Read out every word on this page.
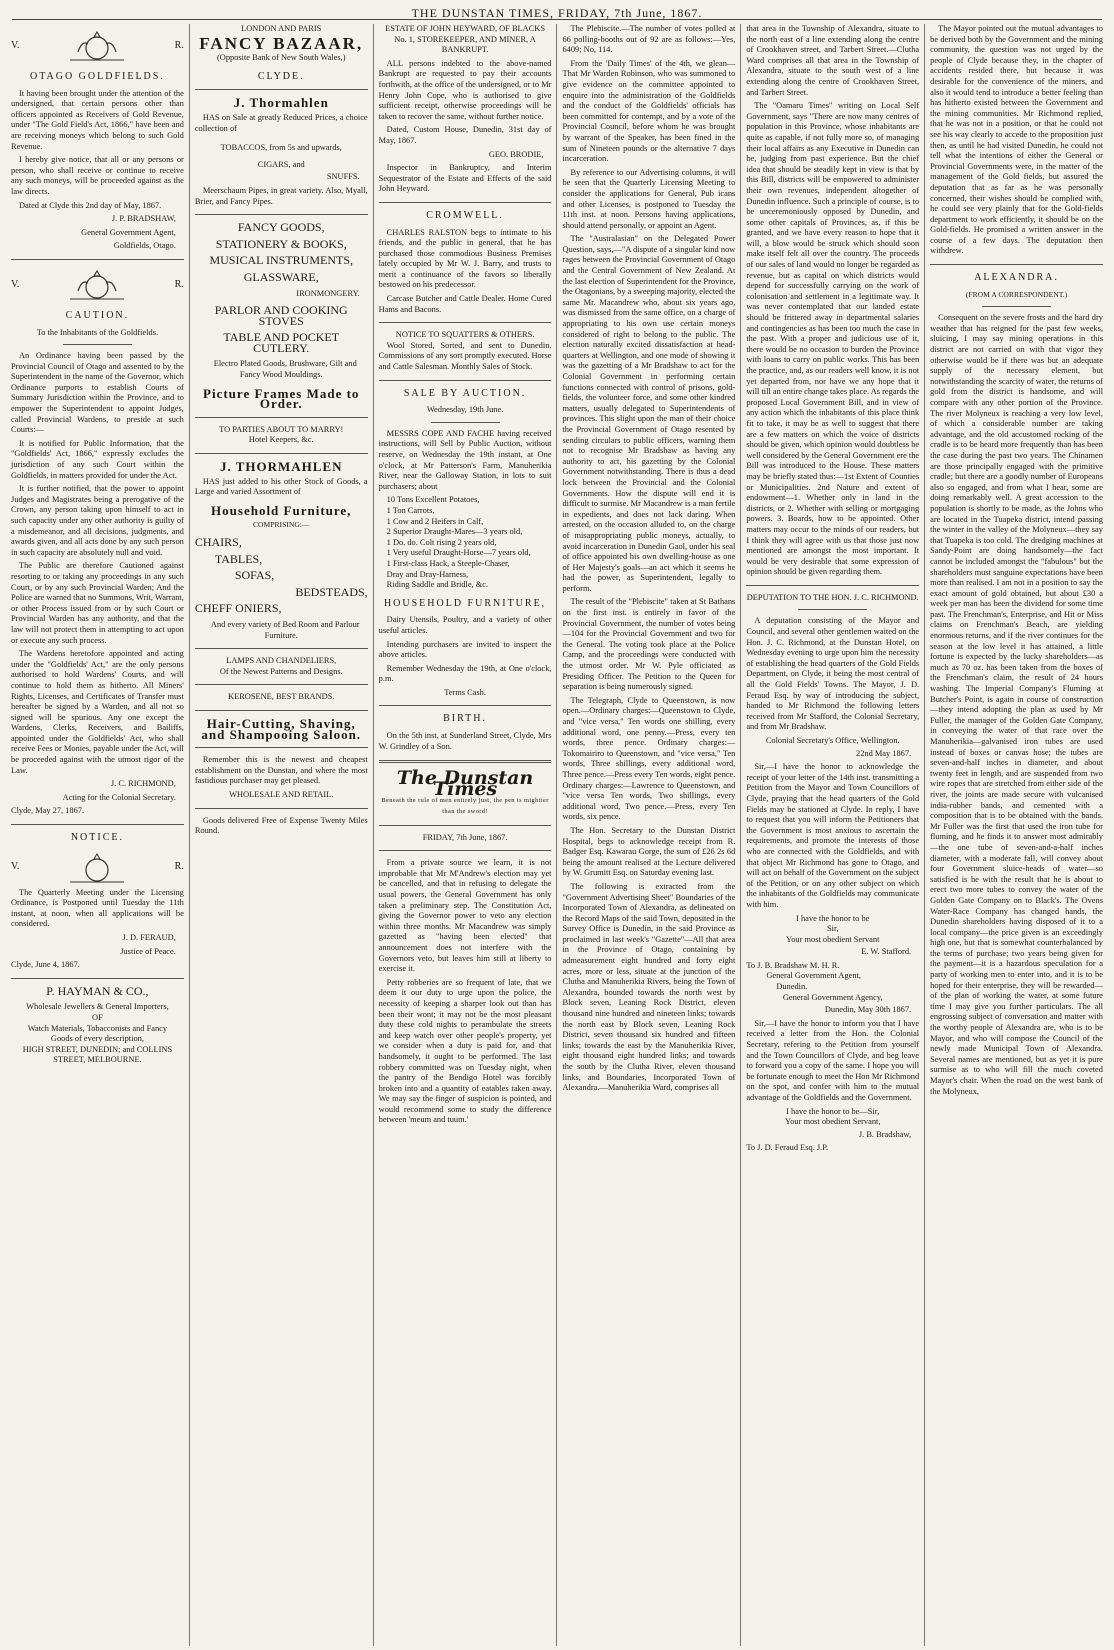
THE DUNSTAN TIMES, FRIDAY, 7th June, 1867.
V.	R.
OTAGO GOLDFIELDS.

It having been brought under the attention of the undersigned, that certain persons other than officers appointed as Receivers of Gold Revenue, under "The Gold Field's Act, 1866," have been and are receiving moneys which belong to such Gold Revenue.

I hereby give notice, that all or any persons or person, who shall receive or continue to receive any such moneys, will be proceeded against as the law directs.

Dated at Clyde this 2nd day of May, 1867.

J. P. BRADSHAW,
General Government Agent,
Goldfields, Otago.
V.	R.
CAUTION.
To the Inhabitants of the Goldfields.

An Ordinance having been passed by the Provincial Council of Otago and assented to by the Superintendent in the name of the Governor, which Ordinance purports to establish Courts of Summary Jurisdiction within the Province, and to empower the Superintendent to appoint Judges, called Provincial Wardens, to preside at such Courts:—

It is notified for Public Information, that the "Goldfields' Act, 1866," expressly excludes the jurisdiction of any such Court within the Goldfields, in matters provided for under the Act.

It is further notified, that the power to appoint Judges and Magistrates being a prerogative of the Crown, any person taking upon himself to act in such capacity under any other authority is guilty of a misdemeanor, and all decisions, judgments, and awards given, and all acts done by any such person in such capacity are absolutely null and void.

The Public are therefore Cautioned against resorting to or taking any proceedings in any such Court, or by any such Provincial Warden; And the Police are warned that no Summons, Writ, Warrant, or other Process issued from or by such Court or Provincial Warden has any authority, and that the law will not protect them in attempting to act upon or execute any such process.

The Wardens heretofore appointed and acting under the "Goldfields' Act," are the only persons authorised to hold Wardens' Courts, and will continue to hold them as hitherto. All Miners' Rights, Licenses, and Certificates of Transfer must hereafter be signed by a Warden, and all not so signed will be spurious. Any one except the Wardens, Clerks, Receivers, and Bailiffs, appointed under the Goldfields' Act, who shall receive Fees or Monies, payable under the Act, will be proceeded against with the utmost rigor of the Law.

J. C. RICHMOND,
Acting for the Colonial Secretary.

Clyde, May 27, 1867.

NOTICE.
V.	R.

The Quarterly Meeting under the Licensing Ordinance, is Postponed until Tuesday the 11th instant, at noon, when all applications will be considered.

J. D. FERAUD,
Justice of Peace.

Clyde, June 4, 1867.

P. HAYMAN & CO.,
Wholesale Jewellers & General Importers,
OF
Watch Materials, Tobacconists and Fancy
Goods of every description,
HIGH STREET, DUNEDIN; and COLLINS
STREET, MELBOURNE.
LONDON AND PARIS
FANCY BAZAAR,
(Opposite Bank of New South Wales,)
CLYDE.
J. Thormahlen

HAS on Sale at greatly Reduced Prices, a choice collection of

TOBACCOS, from 5s and upwards,
CIGARS, and
SNUFFS.

Meerschaum Pipes, in great variety. Also, Myall, Brier, and Fancy Pipes.

FANCY GOODS,
STATIONERY & BOOKS,
MUSICAL INSTRUMENTS,
GLASSWARE,
IRONMONGERY.
PARLOR AND COOKING STOVES
TABLE AND POCKET CUTLERY.

Electro Plated Goods, Brushware, Gilt and Fancy Wood Mouldings.

Picture Frames Made to Order.
TO PARTIES ABOUT TO MARRY!
Hotel Keepers, &c.
J. THORMAHLEN

HAS just added to his other Stock of Goods, a Large and varied Assortment of

Household Furniture,
COMPRISING:—
CHAIRS,
TABLES,
SOFAS,
BEDSTEADS,
CHEFF ONIERS,

And every variety of Bed Room and Parlour Furniture.

LAMPS AND CHANDELIERS,
Of the Newest Patterns and Designs.
KEROSENE, BEST BRANDS.
Hair-Cutting, Shaving, and Shampooing Saloon.

Remember this is the newest and cheapest establishment on the Dunstan, and where the most fastidious purchaser may get pleased.

WHOLESALE AND RETAIL.

Goods delivered Free of Expense Twenty Miles Round.

ESTATE OF JOHN HEYWARD, OF BLACKS No. 1, STOREKEEPER, AND MINER, A BANKRUPT.

ALL persons indebted to the above-named Bankrupt are requested to pay their accounts forthwith, at the office of the undersigned, or to Mr Henry John Cope, who is authorised to give sufficient receipt, otherwise proceedings will be taken to recover the same, without further notice.

Dated, Custom House, Dunedin, 31st day of May, 1867.

GEO. BRODIE,

Inspector in Bankruptcy, and Interim Sequestrator of the Estate and Effects of the said John Heyward.

CROMWELL.

CHARLES RALSTON begs to intimate to his friends, and the public in general, that he has purchased those commodious Business Premises lately occupied by Mr W. J. Barry, and trusts to merit a continuance of the favors so liberally bestowed on his predecessor.

Carcase Butcher and Cattle Dealer. Home Cured Hams and Bacons.

NOTICE TO SQUATTERS & OTHERS.

Wool Stored, Sorted, and sent to Dunedin. Commissions of any sort promptly executed. Horse and Cattle Salesman. Monthly Sales of Stock.

SALE BY AUCTION.
Wednesday, 19th June.

MESSRS COPE AND FACHE having received instructions, will Sell by Public Auction, without reserve, on Wednesday the 19th instant, at One o'clock, at Mr Patterson's Farm, Manuherikia River, near the Galloway Station, in lots to suit purchasers; about

10 Tons Excellent Potatoes,
1 Ton Carrots,
1 Cow and 2 Heifers in Calf,
2 Superior Draught-Mares—3 years old,
1 Do. do. Colt rising 2 years old,
1 Very useful Draught-Horse—7 years old,
1 First-class Hack, a Steeple-Chaser,
Dray and Dray-Harness,
Riding Saddle and Bridle, &c.
HOUSEHOLD FURNITURE,

Dairy Utensils, Poultry, and a variety of other useful articles.

Intending purchasers are invited to inspect the above articles.

Remember Wednesday the 19th, at One o'clock, p.m.

Terms Cash.
BIRTH.

On the 5th inst, at Sunderland Street, Clyde, Mrs W. Grindley of a Son.

The Dunstan Times
Beneath the rule of men entirely just, the pen is mightier than the sword!
FRIDAY, 7th June, 1867.

From a private source we learn, it is not improbable that Mr M'Andrew's election may yet be cancelled, and that in refusing to delegate the usual powers, the General Government has only taken a preliminary step. The Constitution Act, giving the Governor power to veto any election within three months. Mr Macandrew was simply gazetted as "having been elected" that announcement does not interfere with the Governors veto, but leaves him still at liberty to exercise it.

Petty robberies are so frequent of late, that we deem it our duty to urge upon the police, the necessity of keeping a sharper look out than has been their wont; it may not be the most pleasant duty these cold nights to perambulate the streets and keep watch over other people's property, yet we consider when a duty is paid for, and that handsomely, it ought to be performed. The last robbery committed was on Tuesday night, when the pantry of the Bendigo Hotel was forcibly broken into and a quantity of eatables taken away. We may say the finger of suspicion is pointed, and would recommend some to study the difference between 'meum and tuum.'

The Plebiscite.—The number of votes polled at 66 polling-booths out of 92 are as follows:—Yes, 6409; No, 114.

From the 'Daily Times' of the 4th, we glean—That Mr Warden Robinson, who was summoned to give evidence on the committee appointed to enquire into the administration of the Goldfields and the conduct of the Goldfields' officials has been committed for contempt, and by a vote of the Provincial Council, before whom he was brought by warrant of the Speaker, has been fined in the sum of Nineteen pounds or the alternative 7 days incarceration.

By reference to our Advertising columns, it will be seen that the Quarterly Licensing Meeting to consider the applications for General, Pub icans and other Licenses, is postponed to Tuesday the 11th inst. at noon. Persons having applications, should attend personally, or appoint an Agent.

The "Australasian" on the Delegated Power Question, says,—"A dispute of a singular kind now rages between the Provincial Government of Otago and the Central Government of New Zealand. At the last election of Superintendent for the Province, the Otagonians, by a sweeping majority, elected the same Mr. Macandrew who, about six years ago, was dismissed from the same office, on a charge of appropriating to his own use certain moneys considered of right to belong to the public. The election naturally excited dissatisfaction at head-quarters at Wellington, and one mode of showing it was the gazetting of a Mr Bradshaw to act for the Colonial Government in performing certain functions connected with control of prisons, gold-fields, the volunteer force, and some other kindred matters, usually delegated to Superintendents of provinces. This slight upon the man of their choice the Provincial Government of Otago resented by sending circulars to public officers, warning them not to recognise Mr Bradshaw as having any authority to act, his gazetting by the Colonial Government notwithstanding. There is thus a dead lock between the Provincial and the Colonial Governments. How the dispute will end it is difficult to surmise. Mr Macandrew is a man fertile in expedients, and does not lack daring. When arrested, on the occasion alluded to, on the charge of misappropriating public moneys, actually, to avoid incarceration in Dunedin Gaol, under his seal of office appointed his own dwelling-house as one of Her Majesty's goals—an act which it seems he had the power, as Superintendent, legally to perform.

The result of the "Plebiscite" taken at St Bathans on the first inst. is entirely in favor of the Provincial Government, the number of votes being—104 for the Provincial Government and two for the General. The voting took place at the Police Camp, and the proceedings were conducted with the utmost order. Mr W. Pyle officiated as Presiding Officer. The Petition to the Queen for separation is being numerously signed.

The Telegraph, Clyde to Queenstown, is now open.—Ordinary charges:—Queenstown to Clyde, and "vice versa," Ten words one shilling, every additional word, one penny.—Press, every ten words, three pence. Ordinary charges:—Tokomairiro to Queenstown, and "vice versa," Ten words, Three shillings, every additional word, Three pence.—Press every Ten words, eight pence. Ordinary charges:—Lawrence to Queenstown, and "vice versa Ten words, Two shillings, every additional word, Two pence.—Press, every Ten words, six pence.

The Hon. Secretary to the Dunstan District Hospital, begs to acknowledge receipt from R. Badger Esq. Kawarau Gorge, the sum of £26 2s 6d being the amount realised at the Lecture delivered by W. Grumitt Esq. on Saturday evening last.

The following is extracted from the "Government Advertising Sheet" Boundaries of the Incorporated Town of Alexandra, as delineated on the Record Maps of the said Town, deposited in the Survey Office is Dunedin, in the said Province as proclaimed in last week's "Gazette"—All that area in the Province of Otago, containing by admeasurement eight hundred and forty eight acres, more or less, situate at the junction of the Clutha and Manuherikia Rivers, being the Town of Alexandra, bounded towards the north west by Block seven, Leaning Rock District, eleven thousand nine hundred and nineteen links; towards the north east by Block seven, Leaning Rock District, seven thousand six hundred and fifteen links; towards the east by the Manuherikia River, eight thousand eight hundred links; and towards the south by the Clutha River, eleven thousand links, and Boundaries, Incorporated Town of Alexandra.—Manuherikia Ward, comprises all

that area in the Township of Alexandra, situate to the north east of a line extending along the centre of Crookhaven street, and Tarbert Street.—Clutha Ward comprises all that area in the Township of Alexandra, situate to the south west of a line extending along the centre of Crookhaven Street, and Tarbert Street.

The "Oamaru Times" writing on Local Self Government, says "There are now many centres of population in this Province, whose inhabitants are quite as capable, if not fully more so, of managing their local affairs as any Executive in Dunedin can be, judging from past experience. But the chief idea that should be steadily kept in view is that by this Bill, districts will be empowered to administer their own revenues, independent altogether of Dunedin influence. Such a principle of course, is to be unceremoniously opposed by Dunedin, and some other capitals of Provinces, as, if this be granted, and we have every reason to hope that it will, a blow would be struck which should soon make itself felt all over the country. The proceeds of our sales of land would no longer be regarded as revenue, but as capital on which districts would depend for successfully carrying on the work of colonisation and settlement in a legitimate way. It was never contemplated that our landed estate should be frittered away in departmental salaries and contingencies as has been too much the case in the past. With a proper and judicious use of it, there would be no occasion to burden the Province with loans to carry on public works. This has been the practice, and, as our readers well know, it is not yet departed from, nor have we any hope that it will till an entire change takes place. As regards the proposed Local Government Bill, and in view of any action which the inhabitants of this place think fit to take, it may be as well to suggest that there are a few matters on which the voice of districts should be given, which opinion would doubtless be well considered by the General Government ere the Bill was introduced to the House. These matters may be briefly stated thus:—1st Extent of Counties or Municipalities. 2nd Nature and extent of endowment—1. Whether only in land in the districts, or 2. Whether with selling or mortgaging powers. 3. Boards, how to be appointed. Other matters may occur to the minds of our readers, but I think they will agree with us that those just now mentioned are amongst the most important. It would be very desirable that some expression of opinion should be given regarding them.

DEPUTATION TO THE HON. J. C. RICHMOND.

A deputation consisting of the Mayor and Council, and several other gentlemen waited on the Hon. J. C. Richmond, at the Dunstan Hotel, on Wednesday evening to urge upon him the necessity of establishing the head quarters of the Gold Fields Department, on Clyde, it being the most central of all the Gold Fields' Towns. The Mayor, J. D. Feraud Esq. by way of introducing the subject, handed to Mr Richmond the following letters received from Mr Stafford, the Colonial Secretary, and from Mr Bradshaw.

Colonial Secretary's Office, Wellington.
22nd May 1867.

Sir,—I have the honor to acknowledge the receipt of your letter of the 14th inst. transmitting a Petition from the Mayor and Town Councillors of Clyde, praying that the head quarters of the Gold Fields may be stationed at Clyde. In reply, I have to request that you will inform the Petitioners that the Government is most anxious to ascertain the requirements, and promote the interests of those who are connected with the Goldfields, and with that object Mr Richmond has gone to Otago, and will act on behalf of the Government on the subject of the Petition, or on any other subject on which the inhabitants of the Goldfields may communicate with him.

I have the honor to be
Sir,
Your most obedient Servant
E. W. Stafford.
To J. B. Bradshaw M. H. R.
General Government Agent,
Dunedin.
General Government Agency,
Dunedin, May 30th 1867.

Sir,—I have the honor to inform you that I have received a letter from the Hon. the Colonial Secretary, refering to the Petition from yourself and the Town Councillors of Clyde, and beg leave to forward you a copy of the same. I hope you will be fortunate enough to meet the Hon Mr Richmond on the spot, and confer with him to the mutual advantage of the Goldfields and the Government.

I have the honor to be—Sir,
Your most obedient Servant,
J. B. Bradshaw,
To J. D. Feraud Esq. J.P.

The Mayor pointed out the mutual advantages to be derived both by the Government and the mining community, the question was not urged by the people of Clyde because they, in the chapter of accidents resided there, but because it was desirable for the convenience of the miners, and also it would tend to introduce a better feeling than has hitherto existed between the Government and the mining communities. Mr Richmond replied, that he was not in a position, or that he could not see his way clearly to accede to the proposition just then, as until he had visited Dunedin, he could not tell what the intentions of either the General or Provincial Governments were, in the matter of the management of the Gold fields, but assured the deputation that as far as he was personally concerned, their wishes should be complied with, he could see very plainly that for the Gold-fields department to work efficiently, it should be on the Gold-fields. He promised a written answer in the course of a few days. The deputation then withdrew.

ALEXANDRA.
(FROM A CORRESPONDENT.)

Consequent on the severe frosts and the hard dry weather that has reigned for the past few weeks, sluicing, I may say mining operations in this district are not carried on with that vigor they otherwise would be if there was but an adequate supply of the necessary element, but notwithstanding the scarcity of water, the returns of gold from the district is handsome, and will compare with any other portion of the Province. The river Molyneux is reaching a very low level, of which a considerable number are taking advantage, and the old accustomed rocking of the cradle is to be heard more frequently than has been the case during the past two years. The Chinamen are those principally engaged with the primitive cradle; but there are a goodly number of Europeans also so engaged, and from what I hear, some are doing remarkably well. A great accession to the population is shortly to be made, as the Johns who are located in the Tuapeka district, intend passing the winter in the valley of the Molyneux—they say that Tuapeka is too cold. The dredging machines at Sandy-Point are doing handsomely—the fact cannot be included amongst the "fabulous" but the shareholders must sanguine expectations have been more than realised. I am not in a position to say the exact amount of gold obtained, but about £30 a week per man has been the dividend for some time past. The Frenchman's, Enterprise, and Hit or Miss claims on Frenchman's Beach, are yielding enormous returns, and if the river continues for the season at the low level it has attained, a little fortune is expected by the lucky shareholders—as much as 70 oz. has been taken from the boxes of the Frenchman's claim, the result of 24 hours washing. The Imperial Company's Fluming at Butcher's Point, is again in course of construction—they intend adopting the plan as used by Mr Fuller, the manager of the Golden Gate Company, in conveying the water of that race over the Manuherikia—galvanised iron tubes are used instead of boxes or canvas hose; the tubes are seven-and-half inches in diameter, and about twenty feet in length, and are suspended from two wire ropes that are stretched from either side of the river, the joints are made secure with vulcanised india-rubber bands, and cemented with a composition that is to be obtained with the bands. Mr Fuller was the first that used the iron tube for fluming, and he finds it to answer most admirably—the one tube of seven-and-a-half inches diameter, with a moderate fall, will convey about four Government sluice-heads of water—so satisfied is he with the result that he is about to erect two more tubes to convey the water of the Golden Gate Company on to Black's. The Ovens Water-Race Company has changed hands, the Dunedin shareholders having disposed of it to a local company—the price given is an exceedingly high one, but that is somewhat counterbalanced by the terms of purchase; two years being given for the payment—it is a hazardous speculation for a party of working men to enter into, and it is to be hoped for their enterprise, they will be rewarded—of the plan of working the water, at some future time I may give you further particulars. The all engrossing subject of conversation and matter with the worthy people of Alexandra are, who is to be Mayor, and who will compose the Council of the newly made Municipal Town of Alexandra. Several names are mentioned, but as yet it is pure surmise as to who will fill the much coveted Mayor's chair. When the road on the west bank of the Molyneux,
